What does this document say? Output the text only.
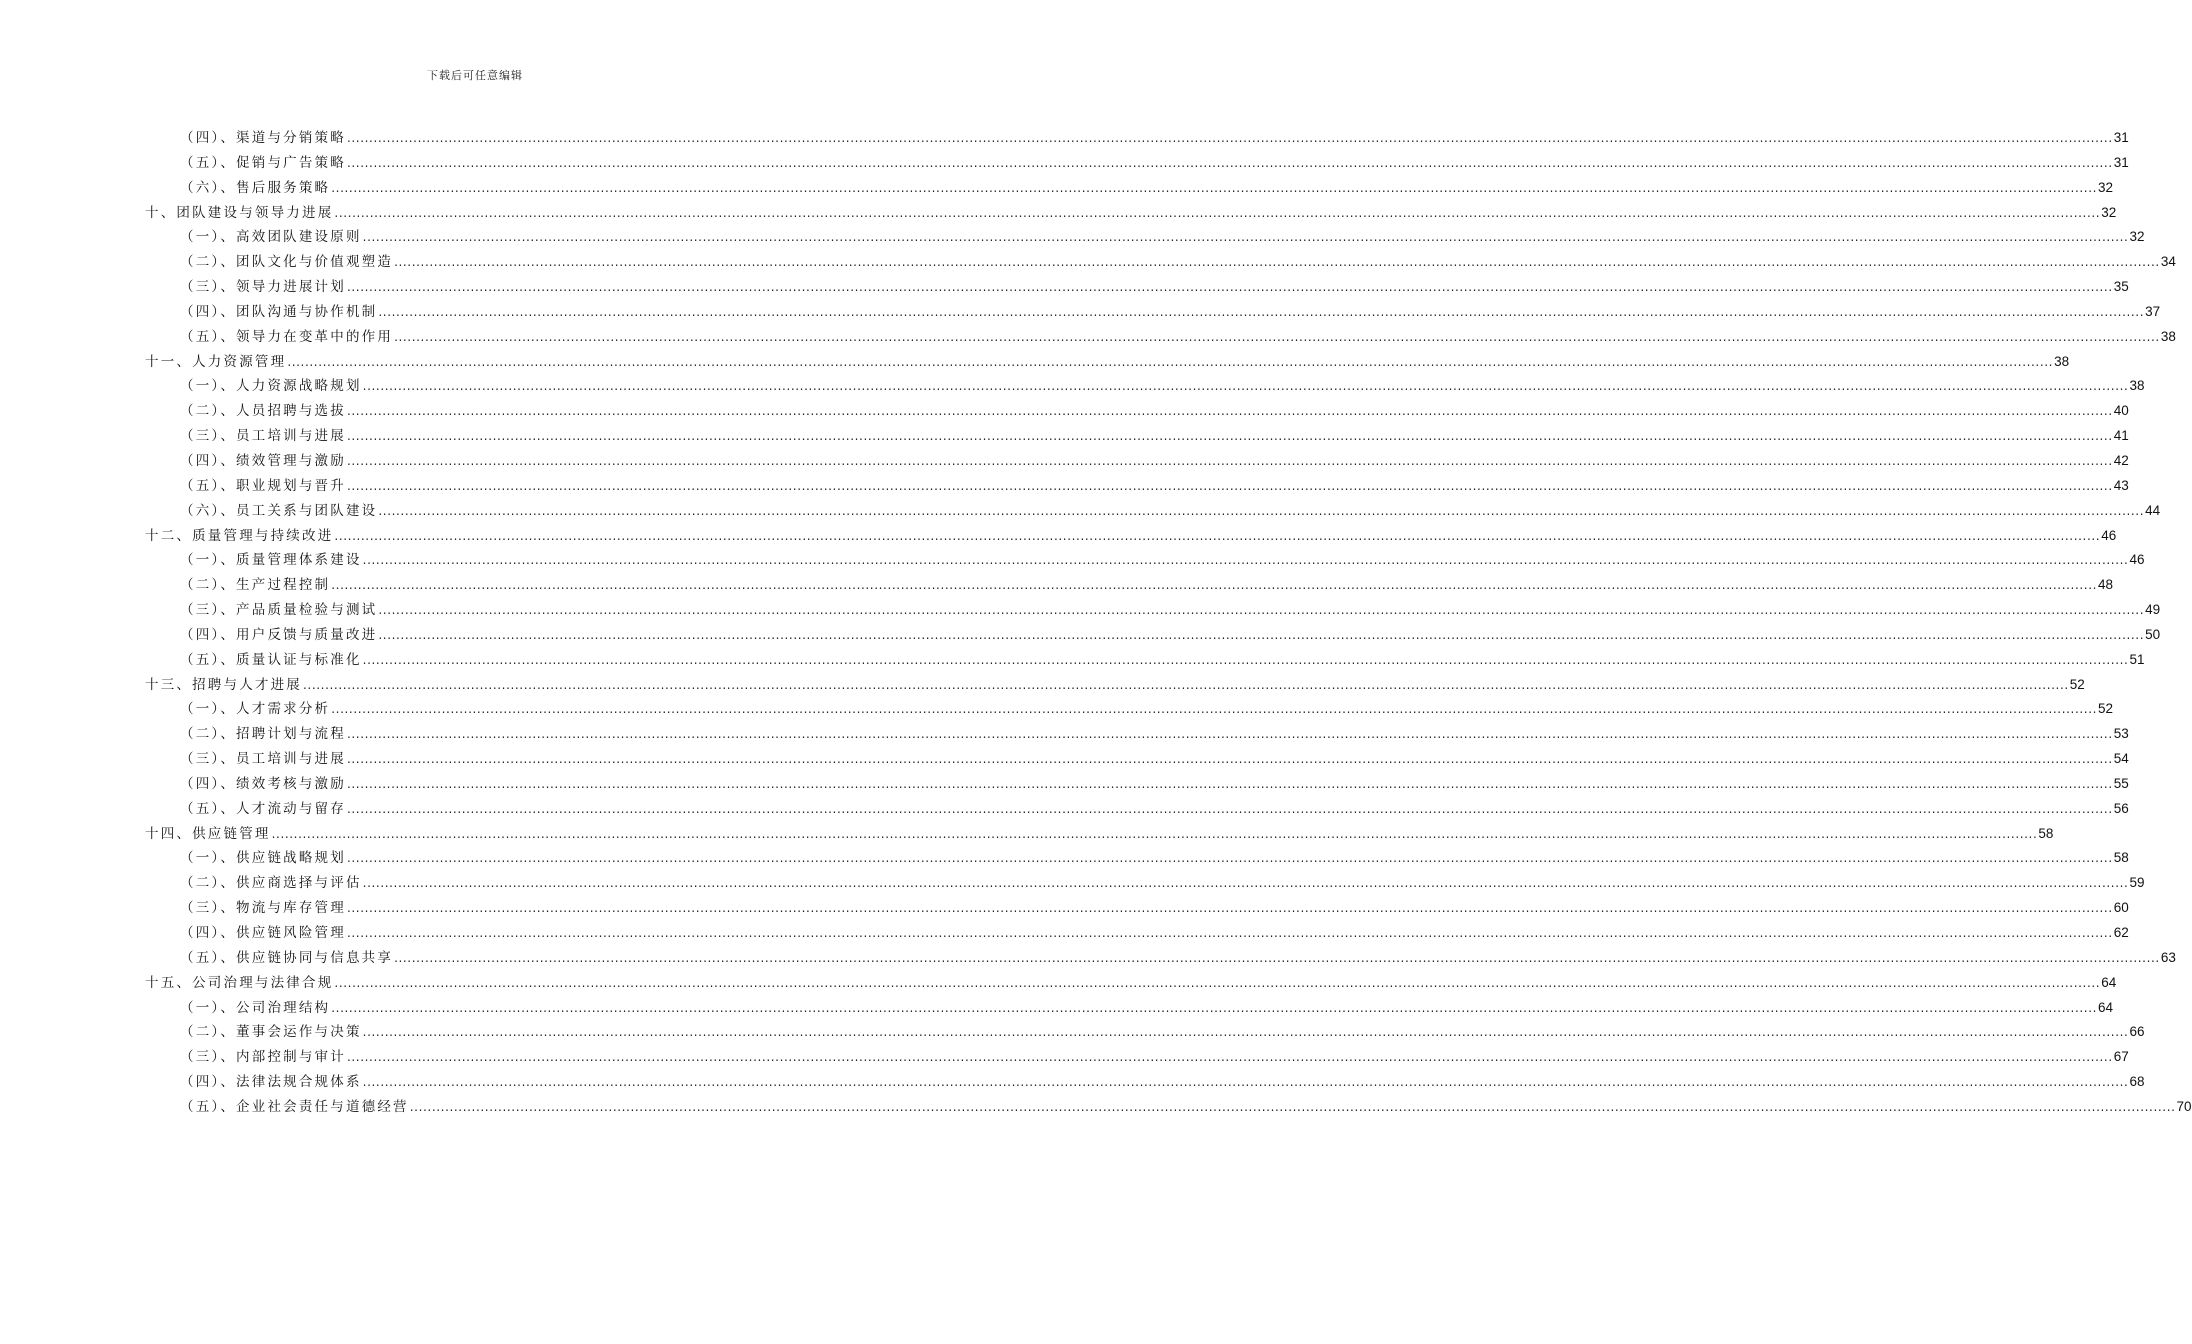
下载后可任意编辑
（四）、渠道与分销策略 ................................................................................................................................................................................................................................................................................................................................................................................................................ 31
（五）、促销与广告策略 ................................................................................................................................................................................................................................................................................................................................................................................................................ 31
（六）、售后服务策略 ................................................................................................................................................................................................................................................................................................................................................................................................................ 32
十、团队建设与领导力进展 ................................................................................................................................................................................................................................................................................................................................................................................................................ 32
（一）、高效团队建设原则 ................................................................................................................................................................................................................................................................................................................................................................................................................ 32
（二）、团队文化与价值观塑造 ................................................................................................................................................................................................................................................................................................................................................................................................................ 34
（三）、领导力进展计划 ................................................................................................................................................................................................................................................................................................................................................................................................................ 35
（四）、团队沟通与协作机制 ................................................................................................................................................................................................................................................................................................................................................................................................................ 37
（五）、领导力在变革中的作用 ................................................................................................................................................................................................................................................................................................................................................................................................................ 38
十一、人力资源管理 ................................................................................................................................................................................................................................................................................................................................................................................................................ 38
（一）、人力资源战略规划 ................................................................................................................................................................................................................................................................................................................................................................................................................ 38
（二）、人员招聘与选拔 ................................................................................................................................................................................................................................................................................................................................................................................................................ 40
（三）、员工培训与进展 ................................................................................................................................................................................................................................................................................................................................................................................................................ 41
（四）、绩效管理与激励 ................................................................................................................................................................................................................................................................................................................................................................................................................ 42
（五）、职业规划与晋升 ................................................................................................................................................................................................................................................................................................................................................................................................................ 43
（六）、员工关系与团队建设 ................................................................................................................................................................................................................................................................................................................................................................................................................ 44
十二、质量管理与持续改进 ................................................................................................................................................................................................................................................................................................................................................................................................................ 46
（一）、质量管理体系建设 ................................................................................................................................................................................................................................................................................................................................................................................................................ 46
（二）、生产过程控制 ................................................................................................................................................................................................................................................................................................................................................................................................................ 48
（三）、产品质量检验与测试 ................................................................................................................................................................................................................................................................................................................................................................................................................ 49
（四）、用户反馈与质量改进 ................................................................................................................................................................................................................................................................................................................................................................................................................ 50
（五）、质量认证与标准化 ................................................................................................................................................................................................................................................................................................................................................................................................................ 51
十三、招聘与人才进展 ................................................................................................................................................................................................................................................................................................................................................................................................................ 52
（一）、人才需求分析 ................................................................................................................................................................................................................................................................................................................................................................................................................ 52
（二）、招聘计划与流程 ................................................................................................................................................................................................................................................................................................................................................................................................................ 53
（三）、员工培训与进展 ................................................................................................................................................................................................................................................................................................................................................................................................................ 54
（四）、绩效考核与激励 ................................................................................................................................................................................................................................................................................................................................................................................................................ 55
（五）、人才流动与留存 ................................................................................................................................................................................................................................................................................................................................................................................................................ 56
十四、供应链管理 ................................................................................................................................................................................................................................................................................................................................................................................................................ 58
（一）、供应链战略规划 ................................................................................................................................................................................................................................................................................................................................................................................................................ 58
（二）、供应商选择与评估 ................................................................................................................................................................................................................................................................................................................................................................................................................ 59
（三）、物流与库存管理 ................................................................................................................................................................................................................................................................................................................................................................................................................ 60
（四）、供应链风险管理 ................................................................................................................................................................................................................................................................................................................................................................................................................ 62
（五）、供应链协同与信息共享 ................................................................................................................................................................................................................................................................................................................................................................................................................ 63
十五、公司治理与法律合规 ................................................................................................................................................................................................................................................................................................................................................................................................................ 64
（一）、公司治理结构 ................................................................................................................................................................................................................................................................................................................................................................................................................ 64
（二）、董事会运作与决策 ................................................................................................................................................................................................................................................................................................................................................................................................................ 66
（三）、内部控制与审计 ................................................................................................................................................................................................................................................................................................................................................................................................................ 67
（四）、法律法规合规体系 ................................................................................................................................................................................................................................................................................................................................................................................................................ 68
（五）、企业社会责任与道德经营 ................................................................................................................................................................................................................................................................................................................................................................................................................ 70
